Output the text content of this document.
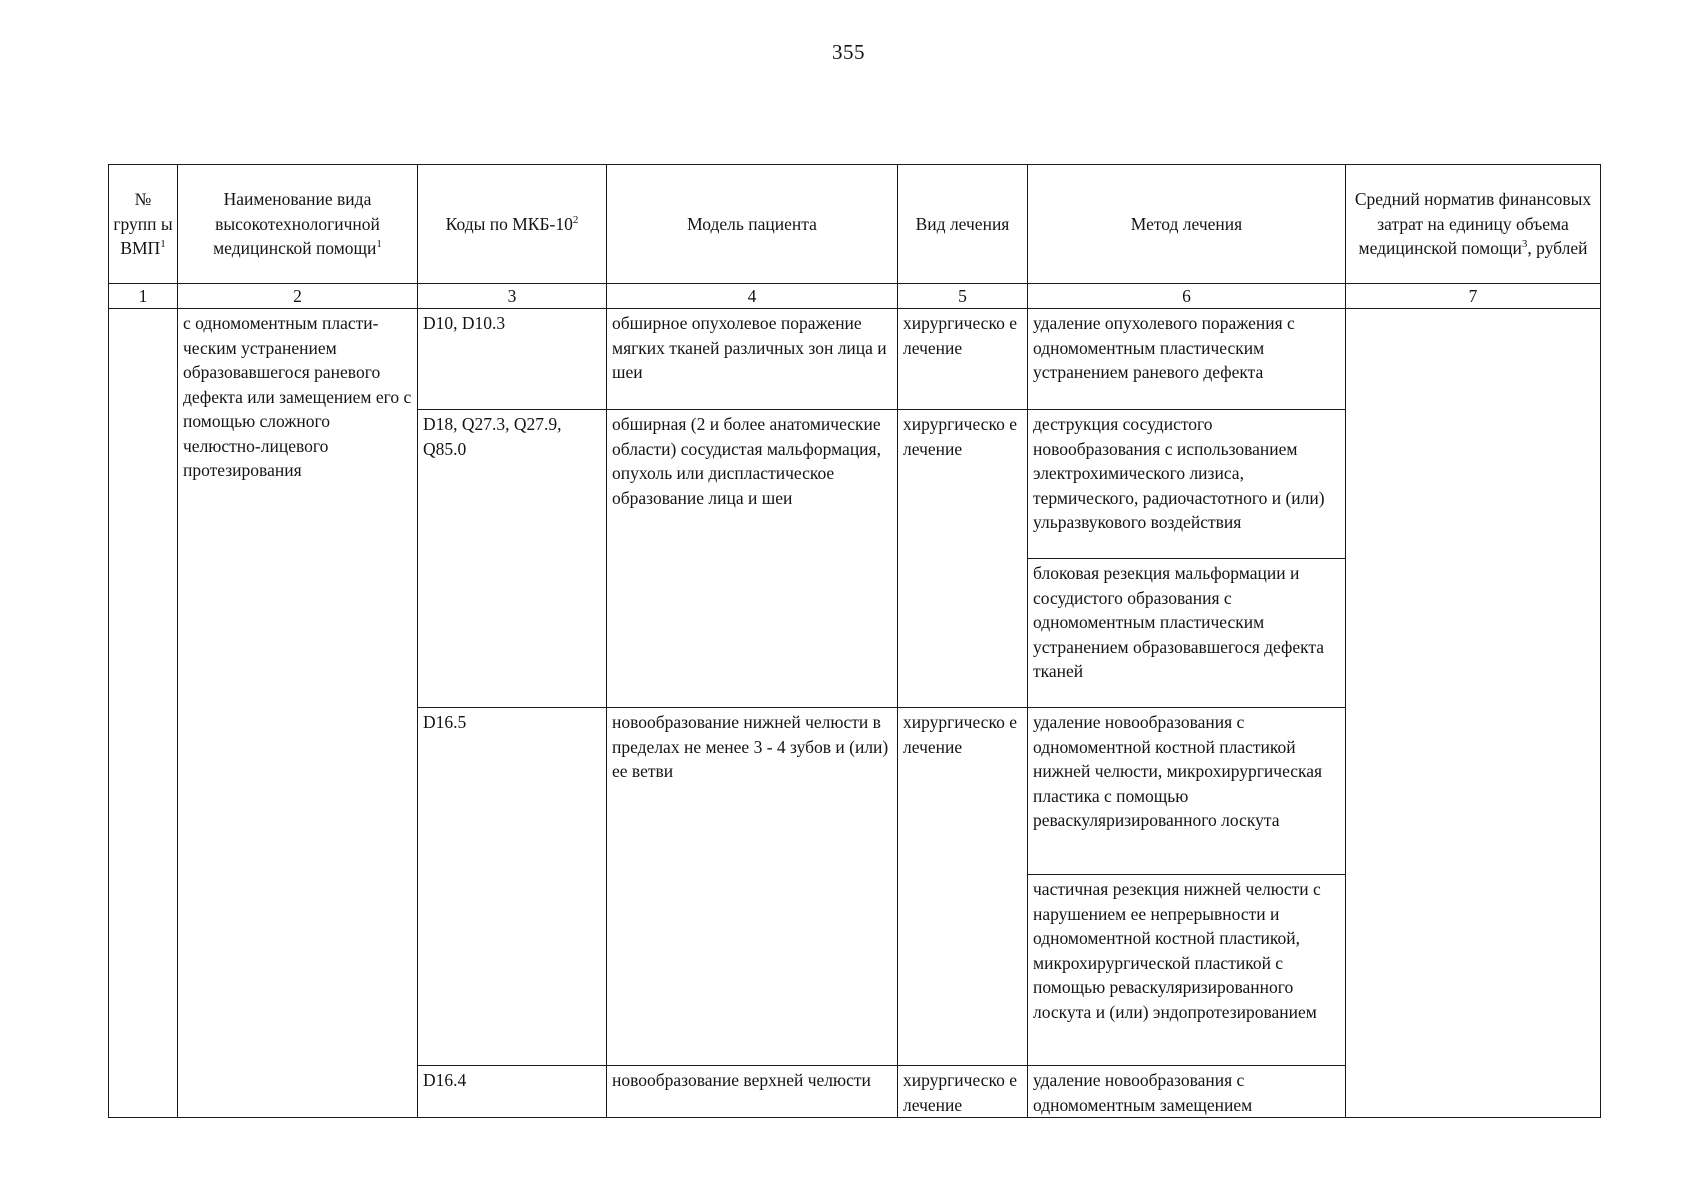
355
№ групп ы ВМП$^1$	Наименование вида высокотехнологичной медицинской помощи$^1$	Коды по МКБ-$10^2$	Модель пациента	Вид лечения	Метод лечения	Средний норматив финансовых затрат на единицу объема медицинской помощи$^3$, рублей
1	2	3	4	5	6	7
	с одномоментным пласти-ческим устранением образовавшегося раневого дефекта или замещением его с помощью сложного челюстно-лицевого протезирования	D10, D10.3	обширное опухолевое поражение мягких тканей различных зон лица и шеи	хирургическо е лечение	удаление опухолевого поражения с одномоментным пластическим устранением раневого дефекта	
		D18, Q27.3, Q27.9, Q85.0	обширная (2 и более анатомические области) сосудистая мальформация, опухоль или диспластическое образование лица и шеи	хирургическо е лечение	деструкция сосудистого новообразования с использованием электрохимического лизиса, термического, радиочастотного и (или) ульразвукового воздействия	
					блоковая резекция мальформации и сосудистого образования с одномоментным пластическим устранением образовавшегося дефекта тканей	
		D16.5	новообразование нижней челюсти в пределах не менее 3 - 4 зубов и (или) ее ветви	хирургическо е лечение	удаление новообразования с одномоментной костной пластикой нижней челюсти, микрохирургическая пластика с помощью реваскуляризированного лоскута	
					частичная резекция нижней челюсти с нарушением ее непрерывности и одномоментной костной пластикой, микрохирургической пластикой с помощью реваскуляризированного лоскута и (или) эндопротезированием	
		D16.4	новообразование верхней челюсти	хирургическо е лечение	удаление новообразования с одномоментным замещением	
